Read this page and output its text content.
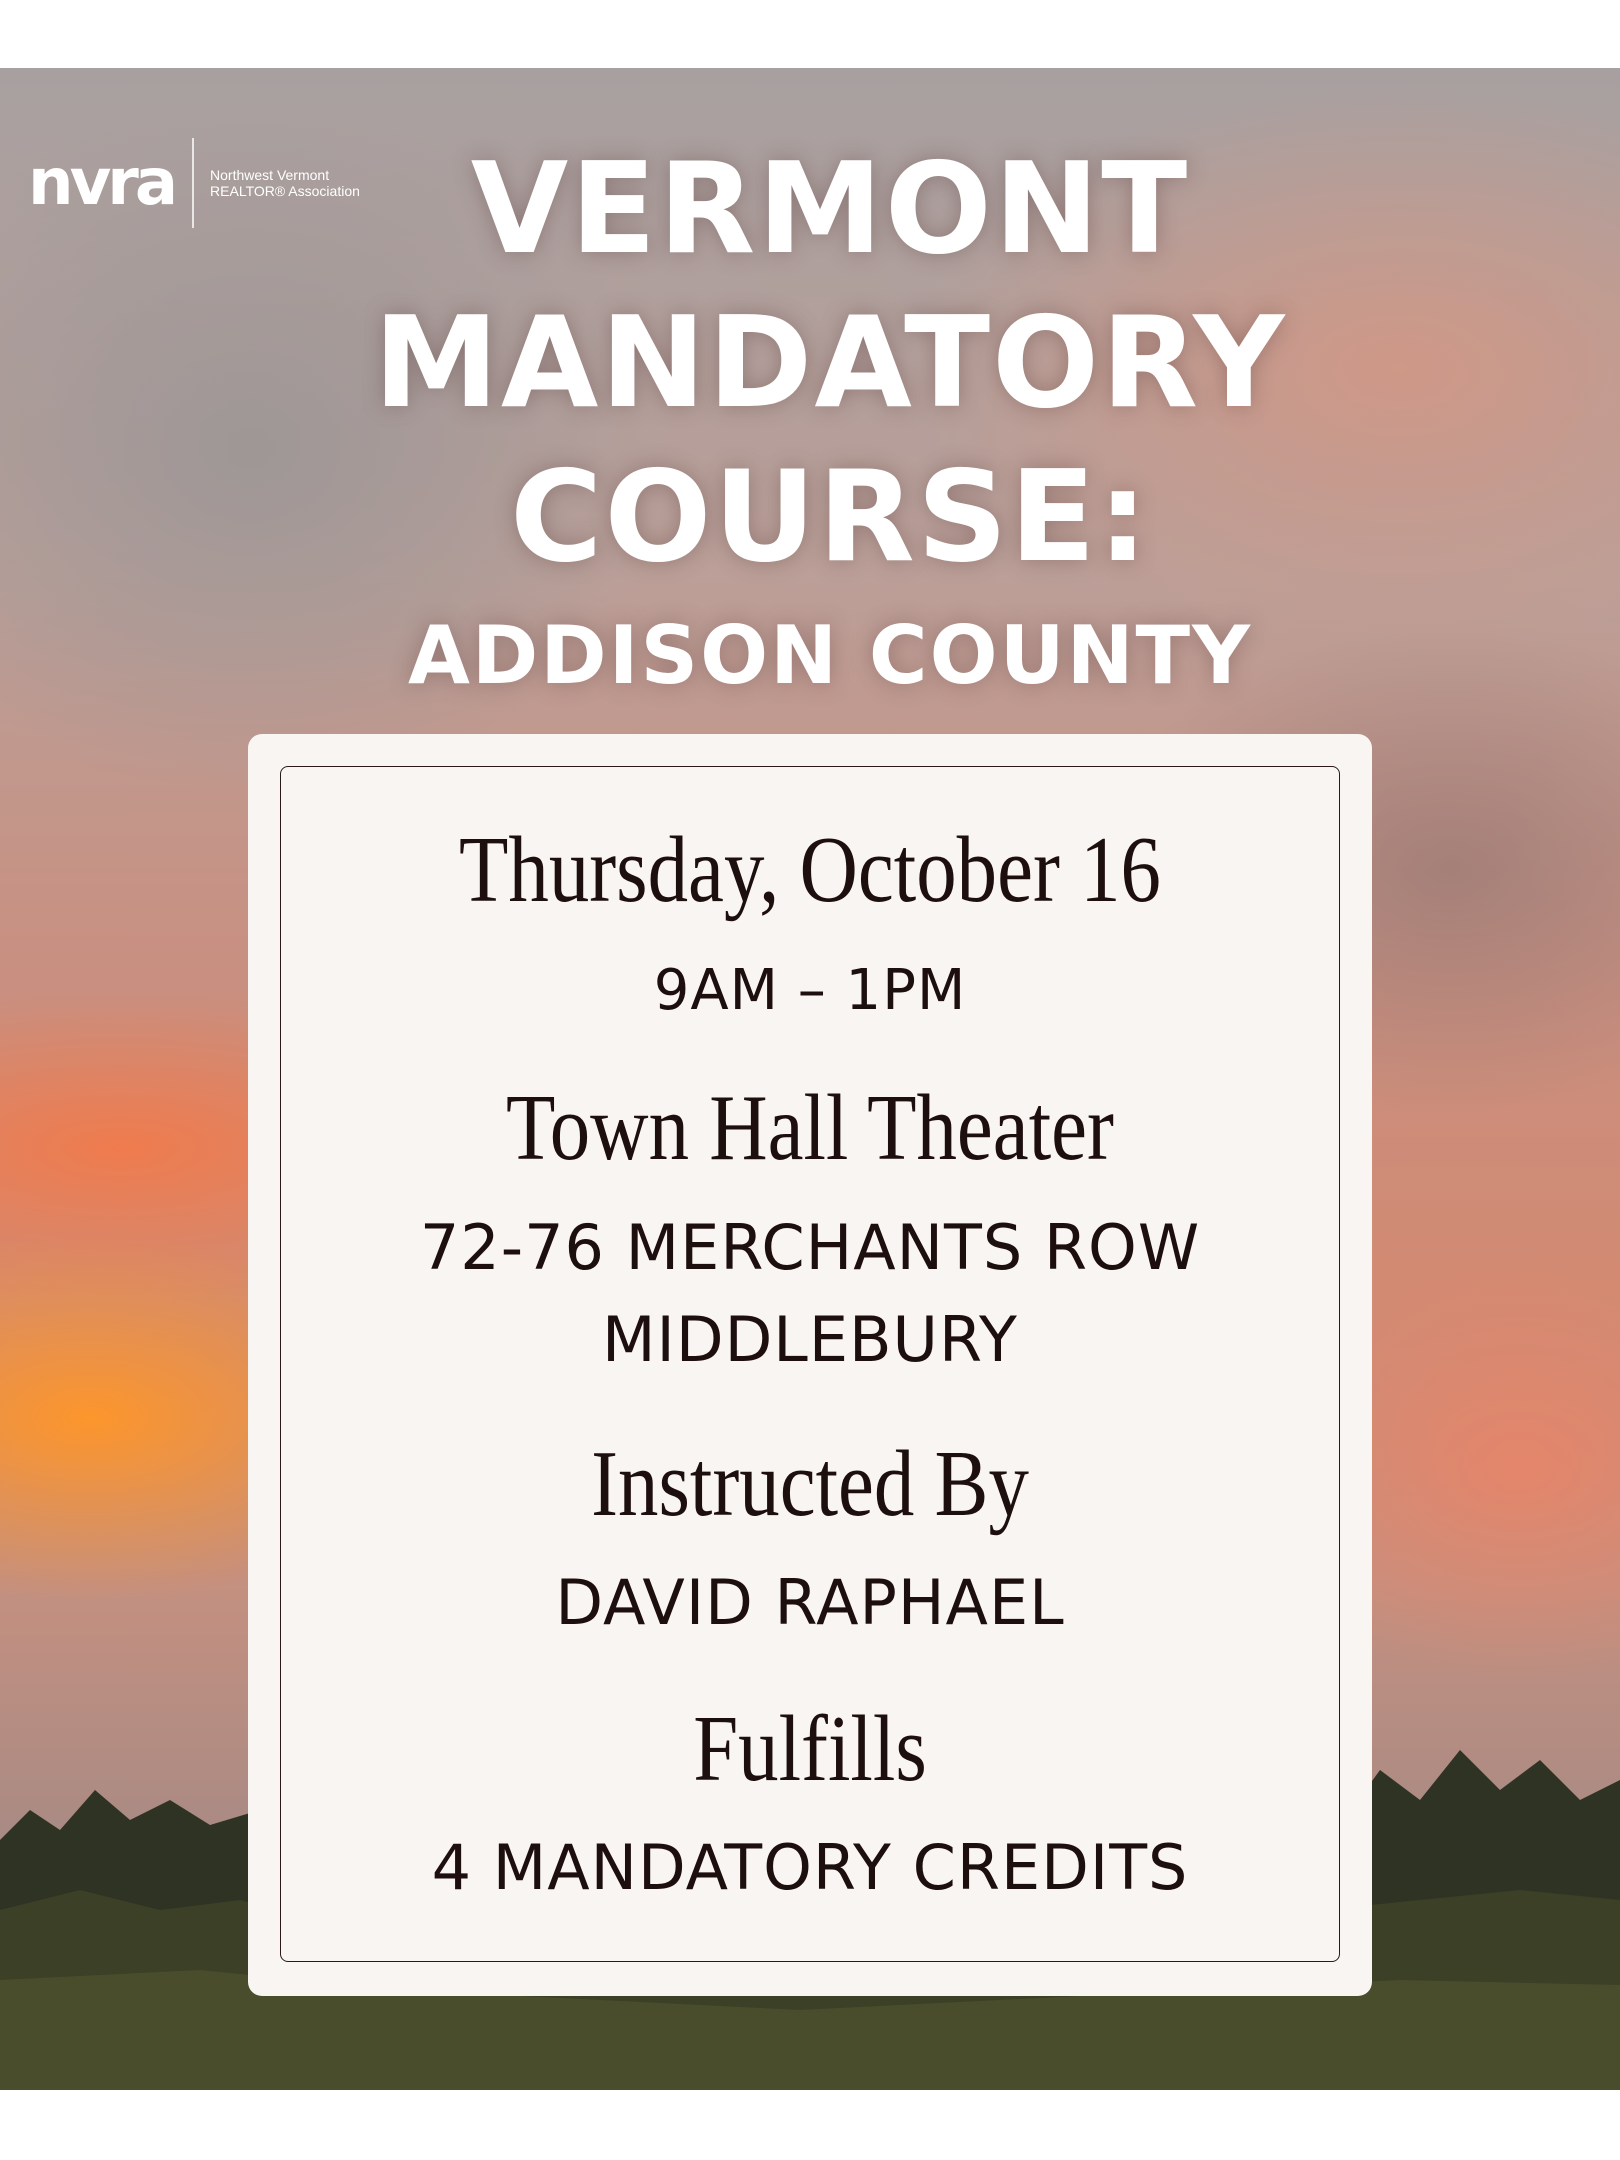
nvra	Northwest Vermont
REALTOR® Association VERMONT
MANDATORY
COURSE:
ADDISON COUNTY
Thursday, October 16
9AM – 1PM
Town Hall Theater
72-76 MERCHANTS ROW
MIDDLEBURY
Instructed By
DAVID RAPHAEL
Fulfills
4 MANDATORY CREDITS
